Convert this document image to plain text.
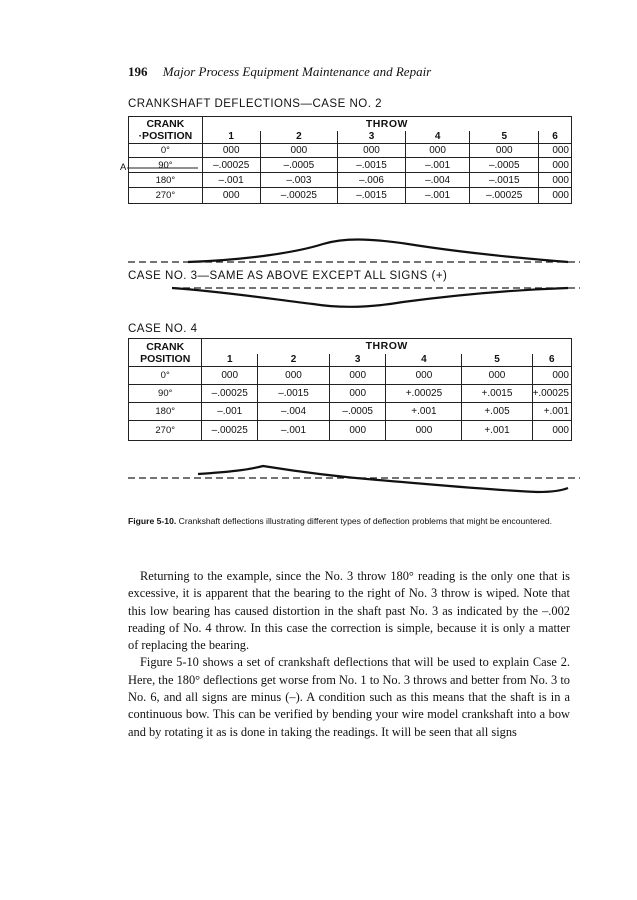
196 Major Process Equipment Maintenance and Repair
CRANKSHAFT DEFLECTIONS—CASE NO. 2
CRANK ·POSITION	THROW					
	1	2	3	4	5	6
0°	000	000	000	000	000	000
90°	–.00025	–.0005	–.0015	–.001	–.0005	000
180°	–.001	–.003	–.006	–.004	–.0015	000
270°	000	–.00025	–.0015	–.001	–.00025	000
A
CASE NO. 3—SAME AS ABOVE EXCEPT ALL SIGNS (+)
CASE NO. 4
CRANK POSITION	THROW					
	1	2	3	4	5	6
0°	000	000	000	000	000	000
90°	–.00025	–.0015	000	+.00025	+.0015	+.00025
180°	–.001	–.004	–.0005	+.001	+.005	+.001
270°	–.00025	–.001	000	000	+.001	000
Figure 5-10. Crankshaft deflections illustrating different types of deflection problems that might be encountered.

Returning to the example, since the No. 3 throw 180° reading is the only one that is excessive, it is apparent that the bearing to the right of No. 3 throw is wiped. Note that this low bearing has caused distortion in the shaft past No. 3 as indicated by the –.002 reading of No. 4 throw. In this case the correction is simple, because it is only a matter of replacing the bearing.

Figure 5-10 shows a set of crankshaft deflections that will be used to explain Case 2. Here, the 180° deflections get worse from No. 1 to No. 3 throws and better from No. 3 to No. 6, and all signs are minus (–). A condition such as this means that the shaft is in a continuous bow. This can be verified by bending your wire model crankshaft into a bow and by rotating it as is done in taking the readings. It will be seen that all signs
